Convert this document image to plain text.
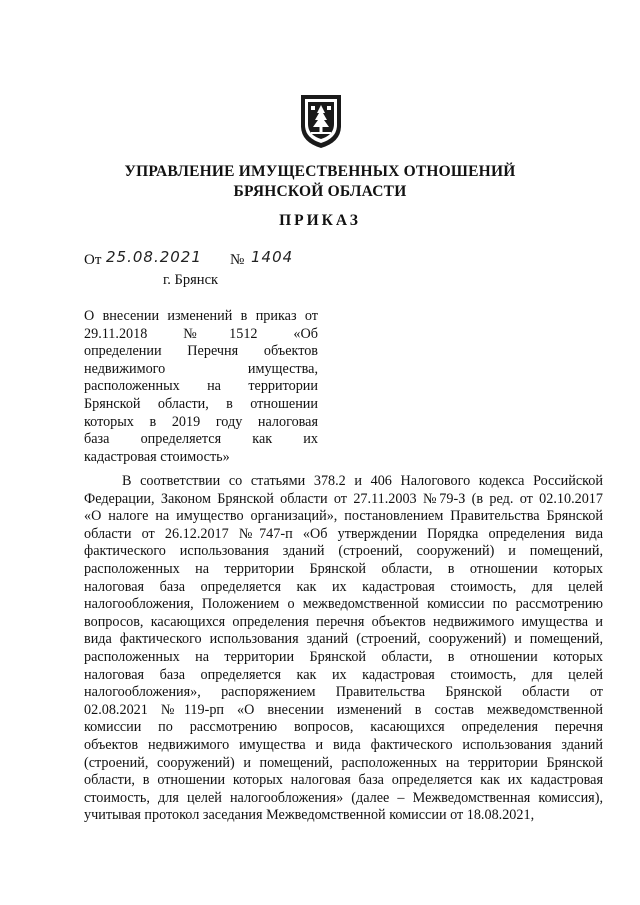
УПРАВЛЕНИЕ ИМУЩЕСТВЕННЫХ ОТНОШЕНИЙ
БРЯНСКОЙ ОБЛАСТИ
ПРИКАЗ
От 25.08.2021 № 1404
г. Брянск
О внесении изменений в приказ от
29.11.2018 №1512 «Об
определении Перечня объектов
недвижимого имущества,
расположенных на территории
Брянской области, в отношении
которых в 2019 году налоговая
база определяется как их
кадастровая стоимость»
В соответствии со статьями 378.2 и 406 Налогового кодекса Российской
Федерации, Законом Брянской области от 27.11.2003 №79-З (в ред. от 02.10.2017
«О налоге на имущество организаций», постановлением Правительства Брянской
области от 26.12.2017 №747-п «Об утверждении Порядка определения вида
фактического использования зданий (строений, сооружений) и помещений,
расположенных на территории Брянской области, в отношении которых
налоговая база определяется как их кадастровая стоимость, для целей
налогообложения, Положением о межведомственной комиссии по рассмотрению
вопросов, касающихся определения перечня объектов недвижимого имущества и
вида фактического использования зданий (строений, сооружений) и помещений,
расположенных на территории Брянской области, в отношении которых
налоговая база определяется как их кадастровая стоимость, для целей
налогообложения», распоряжением Правительства Брянской области от
02.08.2021 №119-рп «О внесении изменений в состав межведомственной
комиссии по рассмотрению вопросов, касающихся определения перечня
объектов недвижимого имущества и вида фактического использования зданий
(строений, сооружений) и помещений, расположенных на территории Брянской
области, в отношении которых налоговая база определяется как их кадастровая
стоимость, для целей налогообложения» (далее – Межведомственная комиссия),
учитывая протокол заседания Межведомственной комиссии от 18.08.2021,
